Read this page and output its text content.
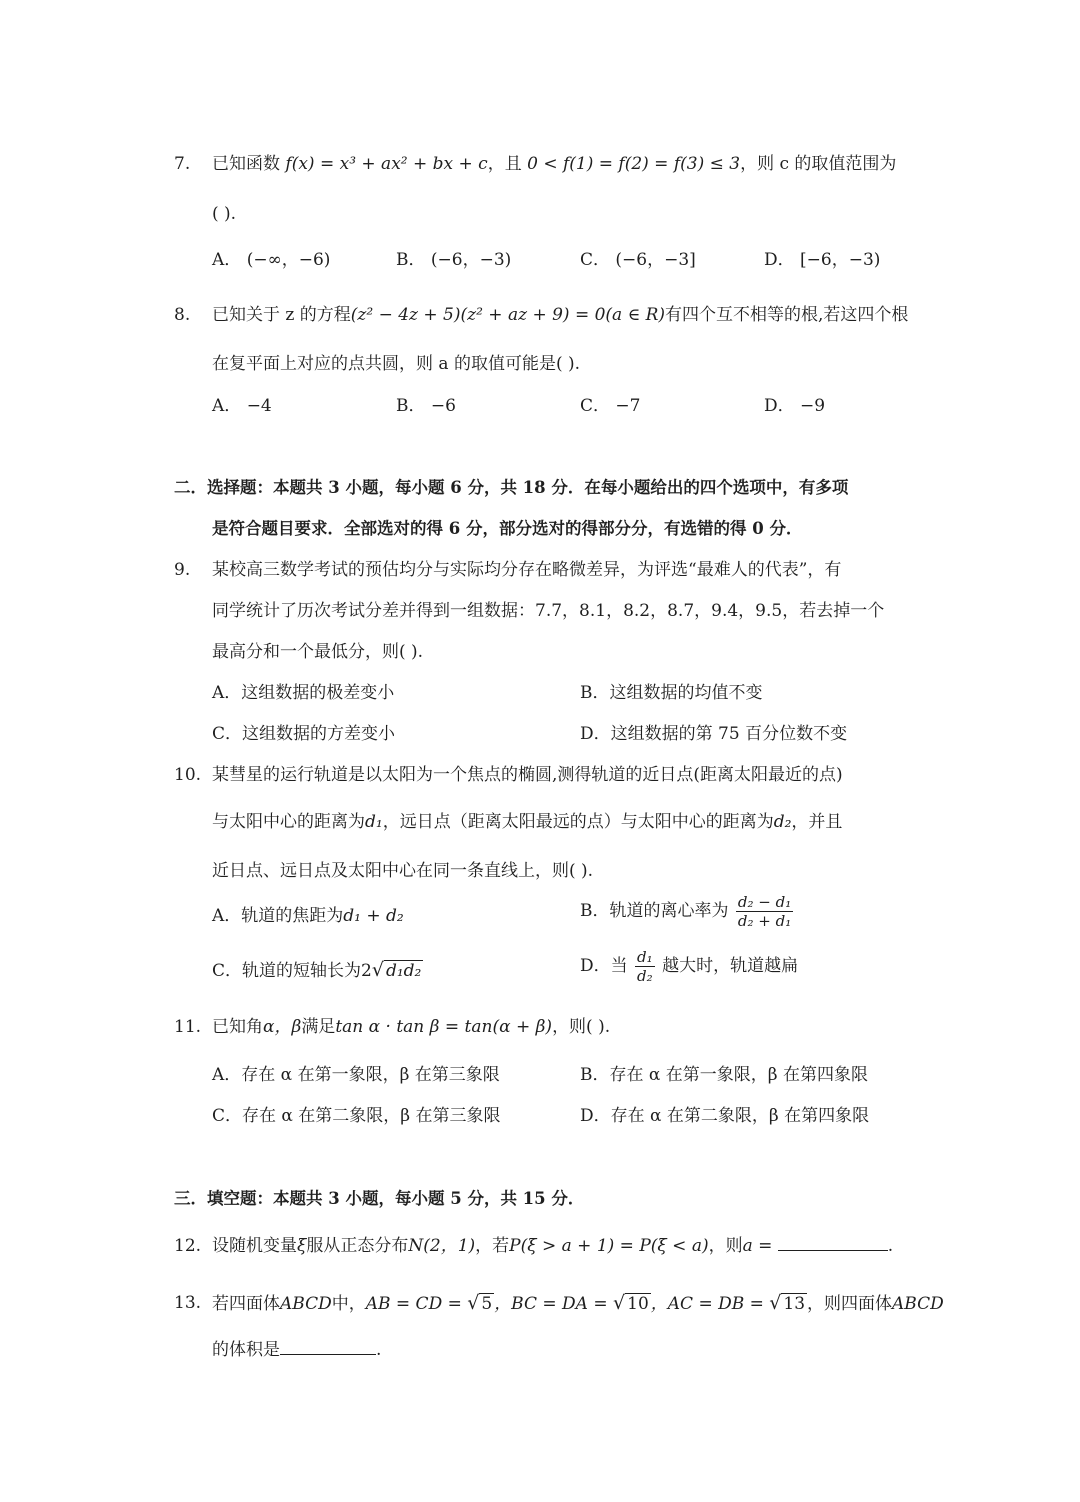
7. 已知函数 f(x) = x³ + ax² + bx + c，且 0 < f(1) = f(2) = f(3) ≤ 3，则 c 的取值范围为
( ).
A． (−∞，−6)	B． (−6，−3)	C． (−6，−3]	D． [−6，−3)
8. 已知关于 z 的方程(z² − 4z + 5)(z² + az + 9) = 0(a ∈ R)有四个互不相等的根,若这四个根
在复平面上对应的点共圆，则 a 的取值可能是( ).
A． −4	B． −6	C． −7	D． −9
二．选择题：本题共 3 小题，每小题 6 分，共 18 分．在每小题给出的四个选项中，有多项
是符合题目要求．全部选对的得 6 分，部分选对的得部分分，有选错的得 0 分．
9. 某校高三数学考试的预估均分与实际均分存在略微差异，为评选“最难人的代表”，有
同学统计了历次考试分差并得到一组数据：7.7，8.1，8.2，8.7，9.4，9.5，若去掉一个
最高分和一个最低分，则( ).
A．这组数据的极差变小	B．这组数据的均值不变
C．这组数据的方差变小	D．这组数据的第 75 百分位数不变
10. 某彗星的运行轨道是以太阳为一个焦点的椭圆,测得轨道的近日点(距离太阳最近的点)
与太阳中心的距离为d₁，远日点（距离太阳最远的点）与太阳中心的距离为d₂，并且
近日点、远日点及太阳中心在同一条直线上，则( ).
A．轨道的焦距为d₁ + d₂	B．轨道的离心率为 $\frac{\text{d₂ − d₁}}{\text{d₂ + d₁}}$
C．轨道的短轴长为2√ d₁d₂	D．当 $\frac{\text{d₁}}{\text{d₂}}$ 越大时，轨道越扁
11. 已知角α，β满足tan α · tan β = tan(α + β)，则( ).
A．存在 α 在第一象限，β 在第三象限	B．存在 α 在第一象限，β 在第四象限
C．存在 α 在第二象限，β 在第三象限	D．存在 α 在第二象限，β 在第四象限
三．填空题：本题共 3 小题，每小题 5 分，共 15 分．
12. 设随机变量ξ服从正态分布N(2，1)，若P(ξ > a + 1) = P(ξ < a)，则a =	.
13. 若四面体ABCD中，AB = CD = √ 5 ，BC = DA = √ 10 ，AC = DB = √ 13 ，则四面体ABCD
的体积是	.
